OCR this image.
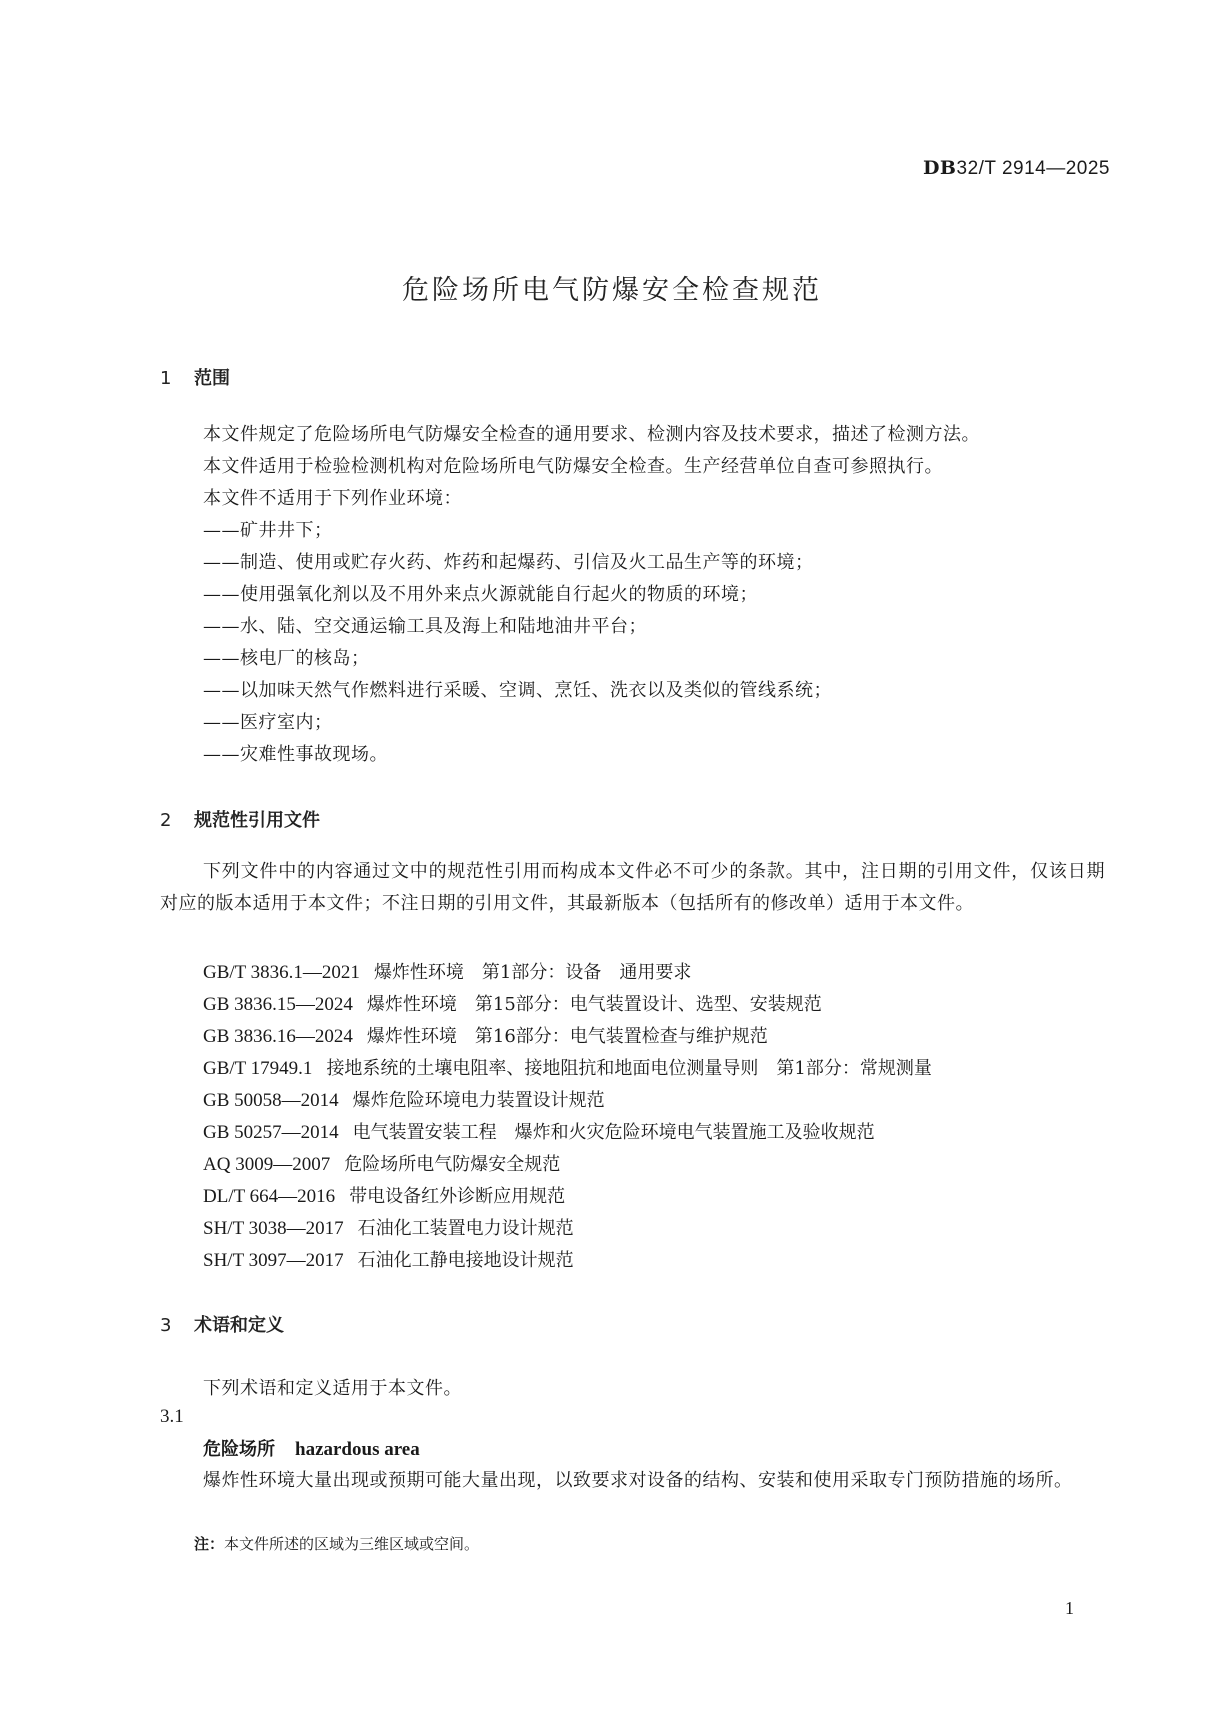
DB32/T 2914—2025
危险场所电气防爆安全检查规范
1 范围
本文件规定了危险场所电气防爆安全检查的通用要求、检测内容及技术要求，描述了检测方法。
本文件适用于检验检测机构对危险场所电气防爆安全检查。生产经营单位自查可参照执行。
本文件不适用于下列作业环境：
——矿井井下；
——制造、使用或贮存火药、炸药和起爆药、引信及火工品生产等的环境；
——使用强氧化剂以及不用外来点火源就能自行起火的物质的环境；
——水、陆、空交通运输工具及海上和陆地油井平台；
——核电厂的核岛；
——以加味天然气作燃料进行采暖、空调、烹饪、洗衣以及类似的管线系统；
——医疗室内；
——灾难性事故现场。
2 规范性引用文件
下列文件中的内容通过文中的规范性引用而构成本文件必不可少的条款。其中，注日期的引用文件，仅该日期对应的版本适用于本文件；不注日期的引用文件，其最新版本（包括所有的修改单）适用于本文件。
GB/T 3836.1—2021 爆炸性环境　第1部分：设备　通用要求
GB 3836.15—2024 爆炸性环境　第15部分：电气装置设计、选型、安装规范
GB 3836.16—2024 爆炸性环境　第16部分：电气装置检查与维护规范
GB/T 17949.1 接地系统的土壤电阻率、接地阻抗和地面电位测量导则　第1部分：常规测量
GB 50058—2014 爆炸危险环境电力装置设计规范
GB 50257—2014 电气装置安装工程　爆炸和火灾危险环境电气装置施工及验收规范
AQ 3009—2007 危险场所电气防爆安全规范
DL/T 664—2016 带电设备红外诊断应用规范
SH/T 3038—2017 石油化工装置电力设计规范
SH/T 3097—2017 石油化工静电接地设计规范
3 术语和定义
下列术语和定义适用于本文件。
3.1
危险场所 hazardous area
爆炸性环境大量出现或预期可能大量出现，以致要求对设备的结构、安装和使用采取专门预防措施的场所。
注：本文件所述的区域为三维区域或空间。
1
